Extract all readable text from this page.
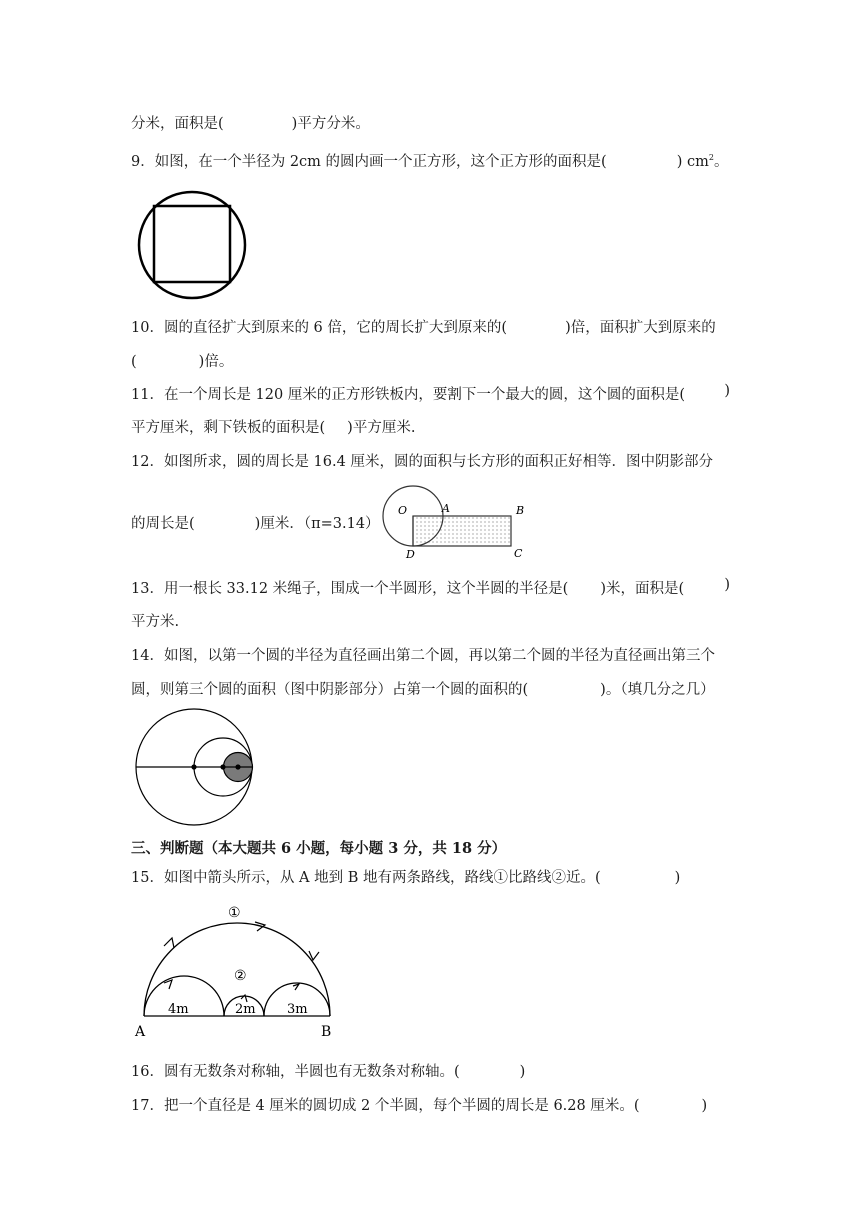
分米，面积是(	)平方分米。
9．如图，在一个半径为 2cm 的圆内画一个正方形，这个正方形的面积是(	) $cm^2$。
10．圆的直径扩大到原来的 6 倍，它的周长扩大到原来的(	)倍，面积扩大到原来的
(	)倍。
11．在一个周长是 120 厘米的正方形铁板内，要割下一个最大的圆，这个圆的面积是(	)
平方厘米，剩下铁板的面积是( )平方厘米.
12．如图所求，圆的周长是 16.4 厘米，圆的面积与长方形的面积正好相等．图中阴影部分
的周长是(	)厘米．（π=3.14）
O	A	B
C
D
13．用一根长 33.12 米绳子，围成一个半圆形，这个半圆的半径是( )米，面积是(	)
平方米.
14．如图，以第一个圆的半径为直径画出第二个圆，再以第二个圆的半径为直径画出第三个
圆，则第三个圆的面积（图中阴影部分）占第一个圆的面积的(	)。（填几分之几）
三、判断题（本大题共 6 小题，每小题 3 分，共 18 分）
15．如图中箭头所示，从 A 地到 B 地有两条路线，路线①比路线②近。(	)
①
②
4m	2m 3m
A	B
16．圆有无数条对称轴，半圆也有无数条对称轴。(	)
17．把一个直径是 4 厘米的圆切成 2 个半圆，每个半圆的周长是 6.28 厘米。(	)
